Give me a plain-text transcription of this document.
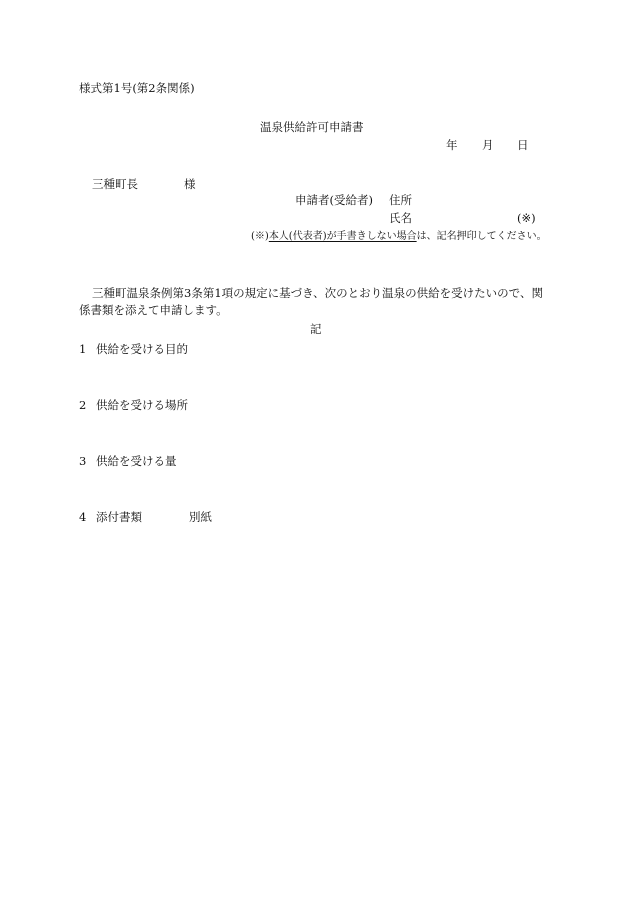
様式第1号(第2条関係)
温泉供給許可申請書
年 月 日
三種町長	様
申請者(受給者) 住所
氏名	(※)
(※)本人(代表者)が手書きしない場合は、記名押印してください。
三種町温泉条例第3条第1項の規定に基づき、次のとおり温泉の供給を受けたいので、関
係書類を添えて申請します。
記
1 供給を受ける目的
2 供給を受ける場所
3 供給を受ける量
4 添付書類	別紙
